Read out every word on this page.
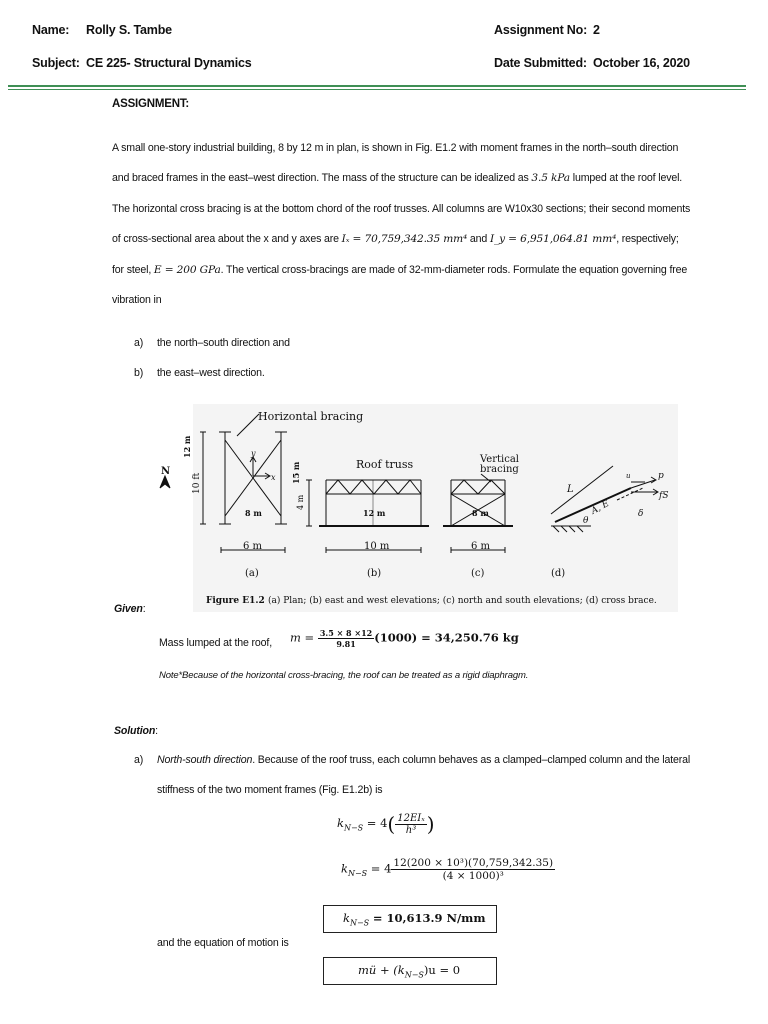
Name: Rolly S. Tambe	Assignment No: 2
Subject: CE 225- Structural Dynamics	Date Submitted: October 16, 2020
ASSIGNMENT:
A small one-story industrial building, 8 by 12 m in plan, is shown in Fig. E1.2 with moment frames in the north–south direction
and braced frames in the east–west direction. The mass of the structure can be idealized as 3.5 kPa lumped at the roof level.
The horizontal cross bracing is at the bottom chord of the roof trusses. All columns are W10x30 sections; their second moments
of cross-sectional area about the x and y axes are Iₓ = 70,759,342.35 mm⁴ and I_y = 6,951,064.81 mm⁴, respectively;
for steel, E = 200 GPa. The vertical cross-bracings are made of 32-mm-diameter rods. Formulate the equation governing free
vibration in
a) the north–south direction and
b) the east–west direction.
Horizontal bracing
N
12 m
10 ft
y
x
8 m
15 m
4 m
Roof truss
12 m
Vertical
bracing
8 m
6 m	10 m	6 m
L
A, E
θ
u	p
fS
δ
(a)	(b)	(c)	(d)
Figure E1.2 (a) Plan; (b) east and west elevations; (c) north and south elevations; (d) cross brace.
Given:
Mass lumped at the roof, $m = \frac{3.5 \times 8 \times 12}{9.81} (1000) = 34,250.76$ kg
Note*Because of the horizontal cross-bracing, the roof can be treated as a rigid diaphragm.
Solution:
a) North-south direction. Because of the roof truss, each column behaves as a clamped–clamped column and the lateral
stiffness of the two moment frames (Fig. E1.2b) is
$k_{N-S} = 4( \frac{\text{12EIₓ}}{\text{h³}}$ )
$k_{N-S} = 4 \frac{\text{12(200 × 10³)(70,759,342.35)}}{\text{(4 × 1000)³}}$
$k_{N-S} = 10,613.9$ N/mm
and the equation of motion is
mü + $(k_{N-S})u = 0$
